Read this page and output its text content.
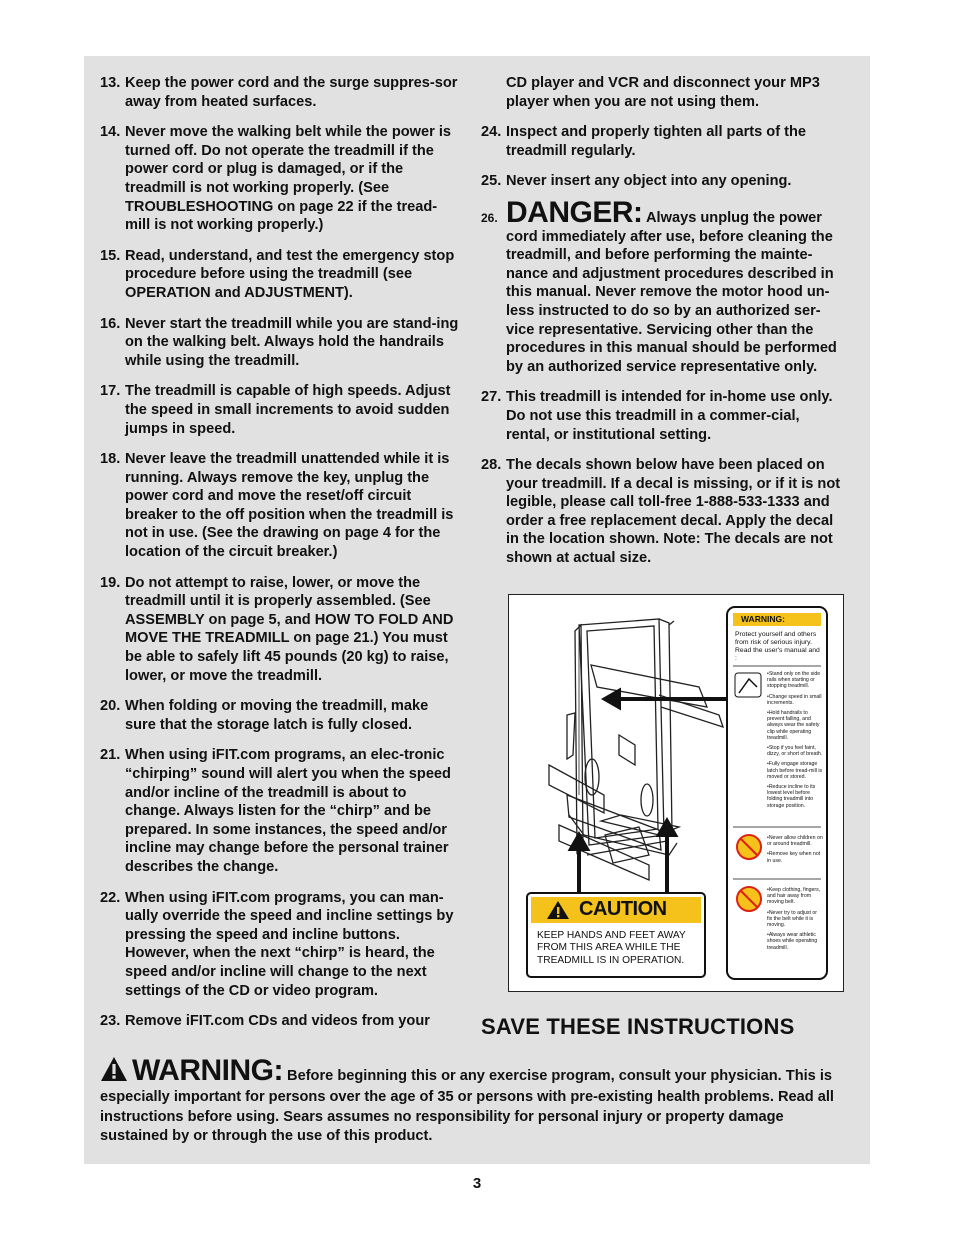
13. Keep the power cord and the surge suppres-sor away from heated surfaces.
14. Never move the walking belt while the power is turned off. Do not operate the treadmill if the power cord or plug is damaged, or if the treadmill is not working properly. (See TROUBLESHOOTING on page 22 if the tread-mill is not working properly.)
15. Read, understand, and test the emergency stop procedure before using the treadmill (see OPERATION and ADJUSTMENT).
16. Never start the treadmill while you are stand-ing on the walking belt. Always hold the handrails while using the treadmill.
17. The treadmill is capable of high speeds. Adjust the speed in small increments to avoid sudden jumps in speed.
18. Never leave the treadmill unattended while it is running. Always remove the key, unplug the power cord and move the reset/off circuit breaker to the off position when the treadmill is not in use. (See the drawing on page 4 for the location of the circuit breaker.)
19. Do not attempt to raise, lower, or move the treadmill until it is properly assembled. (See ASSEMBLY on page 5, and HOW TO FOLD AND MOVE THE TREADMILL on page 21.) You must be able to safely lift 45 pounds (20 kg) to raise, lower, or move the treadmill.
20. When folding or moving the treadmill, make sure that the storage latch is fully closed.
21. When using iFIT.com programs, an elec-tronic “chirping” sound will alert you when the speed and/or incline of the treadmill is about to change. Always listen for the “chirp” and be prepared. In some instances, the speed and/or incline may change before the personal trainer describes the change.
22. When using iFIT.com programs, you can man-ually override the speed and incline settings by pressing the speed and incline buttons. However, when the next “chirp” is heard, the speed and/or incline will change to the next settings of the CD or video program.
23. Remove iFIT.com CDs and videos from your
CD player and VCR and disconnect your MP3 player when you are not using them.
24. Inspect and properly tighten all parts of the treadmill regularly.
25. Never insert any object into any opening.
26. DANGER: Always unplug the power cord immediately after use, before cleaning the treadmill, and before performing the mainte-nance and adjustment procedures described in this manual. Never remove the motor hood un-less instructed to do so by an authorized ser-vice representative. Servicing other than the procedures in this manual should be performed by an authorized service representative only.
27. This treadmill is intended for in-home use only. Do not use this treadmill in a commer-cial, rental, or institutional setting.
28. The decals shown below have been placed on your treadmill. If a decal is missing, or if it is not legible, please call toll-free 1-888-533-1333 and order a free replacement decal. Apply the decal in the location shown. Note: The decals are not shown at actual size.
CAUTION
KEEP HANDS AND FEET AWAY
FROM THIS AREA WHILE THE
TREADMILL IS IN OPERATION.
WARNING:
Protect yourself and others from risk of serious injury. Read the user's manual and :
•Stand only on the side rails when starting or stopping treadmill.
•Change speed in small increments.
•Hold handrails to prevent falling, and always wear the safety clip while operating treadmill.
•Stop if you feel faint, dizzy, or short of breath.
•Fully engage storage latch before tread-mill is moved or stored.
•Reduce incline to its lowest level before folding treadmill into storage position.
•Never allow children on or around treadmill.
•Remove key when not in use.
•Keep clothing, fingers, and hair away from moving belt.
•Never try to adjust or fix the belt while it is moving.
•Always wear athletic shoes while operating treadmill.
SAVE THESE INSTRUCTIONS
WARNING: Before beginning this or any exercise program, consult your physician. This is especially important for persons over the age of 35 or persons with pre-existing health problems. Read all instructions before using. Sears assumes no responsibility for personal injury or property damage sustained by or through the use of this product.
3
